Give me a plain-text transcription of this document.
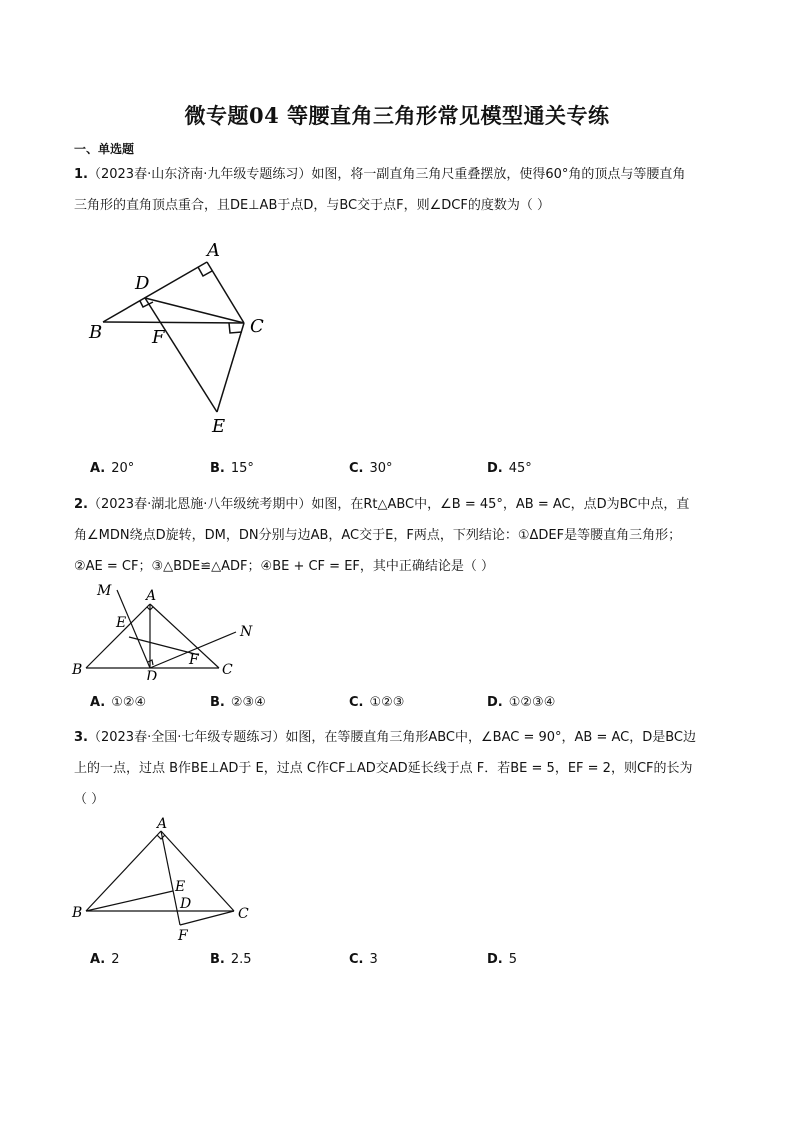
微专题04 等腰直角三角形常见模型通关专练
一、单选题
1.（2023春·山东济南·九年级专题练习）如图，将一副直角三角尺重叠摆放，使得60°角的顶点与等腰直角
三角形的直角顶点重合，且DE⊥AB于点D，与BC交于点F，则∠DCF的度数为（ ）
A
D
B	F
C
E
A. 20°	B. 15°	C. 30°	D. 45°
2.（2023春·湖北恩施·八年级统考期中）如图，在Rt△ABC中，∠B = 45°，AB = AC，点D为BC中点，直
角∠MDN绕点D旋转，DM，DN分别与边AB，AC交于E，F两点，下列结论：①ΔDEF是等腰直角三角形；
②AE = CF；③△BDE≌△ADF；④BE + CF = EF，其中正确结论是（ ）
M A
E
N
B
F
C
D
A. ①②④	B. ②③④	C. ①②③	D. ①②③④
3.（2023春·全国·七年级专题练习）如图，在等腰直角三角形ABC中，∠BAC = 90°，AB = AC，D是BC边
上的一点，过点 B作BE⊥AD于 E，过点 C作CF⊥AD交AD延长线于点 F．若BE = 5，EF = 2，则CF的长为
（ ）
A
E
D
B	C
F
A. 2	B. 2.5	C. 3	D. 5
